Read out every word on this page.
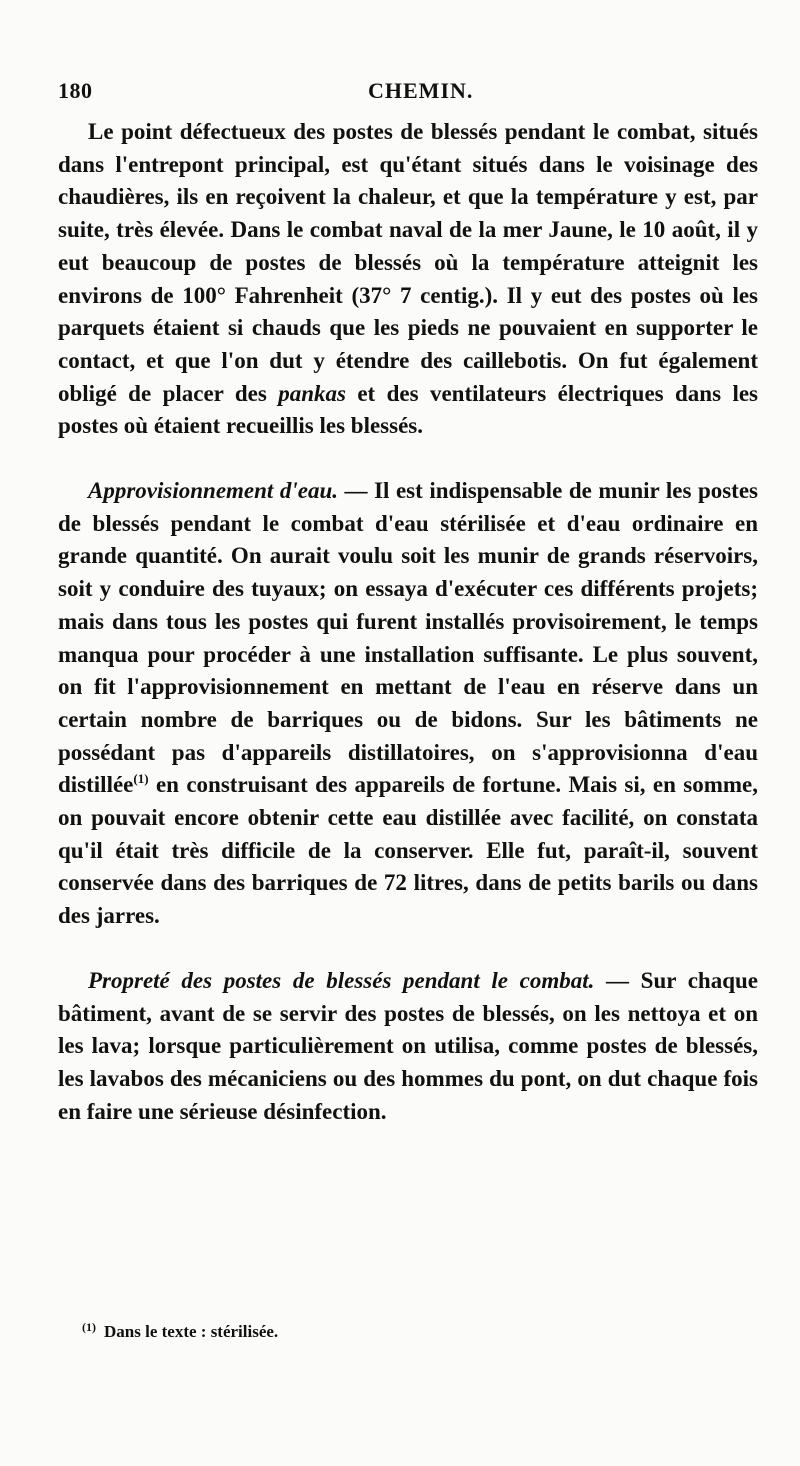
180	CHEMIN.

Le point défectueux des postes de blessés pendant le combat, situés dans l'entrepont principal, est qu'étant situés dans le voisinage des chaudières, ils en reçoivent la chaleur, et que la température y est, par suite, très élevée. Dans le combat naval de la mer Jaune, le 10 août, il y eut beaucoup de postes de blessés où la température atteignit les environs de 100° Fahrenheit (37° 7 centig.). Il y eut des postes où les parquets étaient si chauds que les pieds ne pouvaient en supporter le contact, et que l'on dut y étendre des caillebotis. On fut également obligé de placer des pankas et des ventilateurs électriques dans les postes où étaient recueillis les blessés.

Approvisionnement d'eau. — Il est indispensable de munir les postes de blessés pendant le combat d'eau stérilisée et d'eau ordinaire en grande quantité. On aurait voulu soit les munir de grands réservoirs, soit y conduire des tuyaux; on essaya d'exécuter ces différents projets; mais dans tous les postes qui furent installés provisoirement, le temps manqua pour procéder à une installation suffisante. Le plus souvent, on fit l'approvisionnement en mettant de l'eau en réserve dans un certain nombre de barriques ou de bidons. Sur les bâtiments ne possédant pas d'appareils distillatoires, on s'approvisionna d'eau distillée$^{(1)}$ en construisant des appareils de fortune. Mais si, en somme, on pouvait encore obtenir cette eau distillée avec facilité, on constata qu'il était très difficile de la conserver. Elle fut, paraît-il, souvent conservée dans des barriques de 72 litres, dans de petits barils ou dans des jarres.

Propreté des postes de blessés pendant le combat. — Sur chaque bâtiment, avant de se servir des postes de blessés, on les nettoya et on les lava; lorsque particulièrement on utilisa, comme postes de blessés, les lavabos des mécaniciens ou des hommes du pont, on dut chaque fois en faire une sérieuse désinfection.

$^{(1)}$ Dans le texte : stérilisée.
